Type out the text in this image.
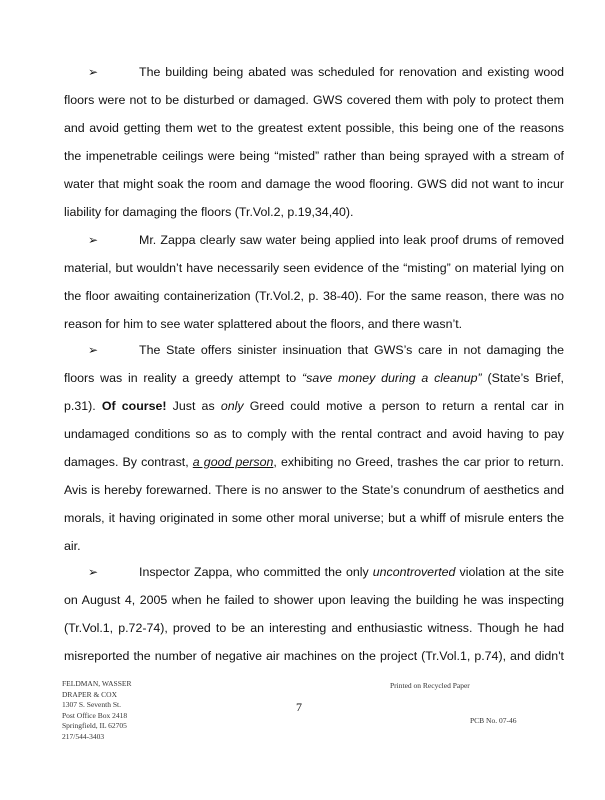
➢	The building being abated was scheduled for renovation and existing wood
floors were not to be disturbed or damaged. GWS covered them with poly to protect them
and avoid getting them wet to the greatest extent possible, this being one of the reasons
the impenetrable ceilings were being “misted” rather than being sprayed with a stream of
water that might soak the room and damage the wood flooring. GWS did not want to incur
liability for damaging the floors (Tr.Vol.2, p.19,34,40).
➢	Mr. Zappa clearly saw water being applied into leak proof drums of removed
material, but wouldn’t have necessarily seen evidence of the “misting” on material lying on
the floor awaiting containerization (Tr.Vol.2, p. 38-40). For the same reason, there was no
reason for him to see water splattered about the floors, and there wasn’t.
➢	The State offers sinister insinuation that GWS’s care in not damaging the
floors was in reality a greedy attempt to “save money during a cleanup” (State’s Brief,
p.31). Of course! Just as only Greed could motive a person to return a rental car in
undamaged conditions so as to comply with the rental contract and avoid having to pay
damages. By contrast, a good person, exhibiting no Greed, trashes the car prior to return.
Avis is hereby forewarned. There is no answer to the State’s conundrum of aesthetics and
morals, it having originated in some other moral universe; but a whiff of misrule enters the
air.
➢	Inspector Zappa, who committed the only uncontroverted violation at the site
on August 4, 2005 when he failed to shower upon leaving the building he was inspecting
(Tr.Vol.1, p.72-74), proved to be an interesting and enthusiastic witness. Though he had
misreported the number of negative air machines on the project (Tr.Vol.1, p.74), and didn't
FELDMAN, WASSER
DRAPER & COX
1307 S. Seventh St.
Post Office Box 2418
Springfield, IL 62705
217/544-3403
7
Printed on Recycled Paper
PCB No. 07-46
